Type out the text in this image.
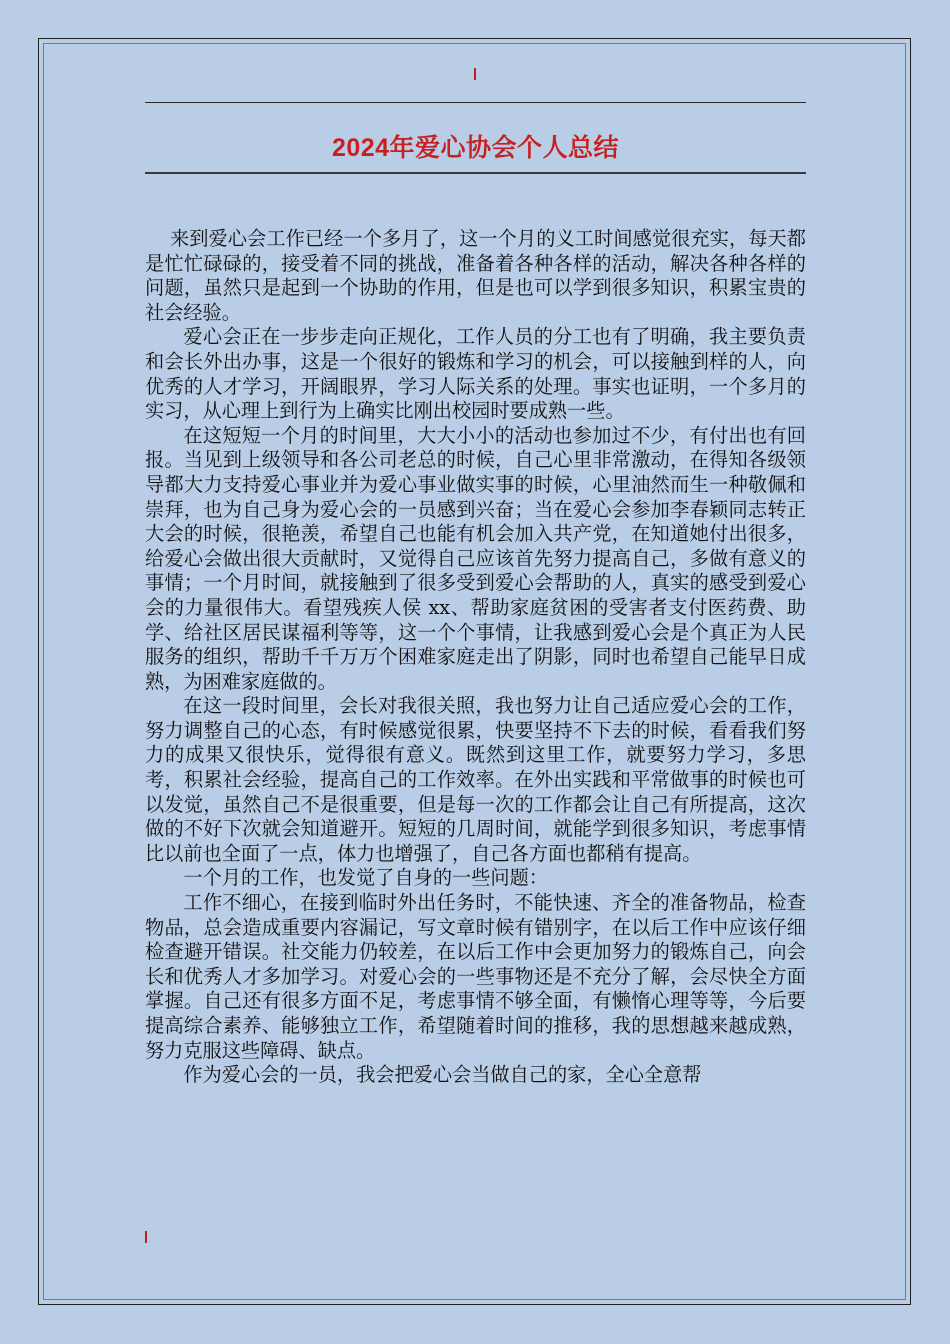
2024年爱心协会个人总结

来到爱心会工作已经一个多月了，这一个月的义工时间感觉很充实，每天都是忙忙碌碌的，接受着不同的挑战，准备着各种各样的活动，解决各种各样的问题，虽然只是起到一个协助的作用，但是也可以学到很多知识，积累宝贵的社会经验。

爱心会正在一步步走向正规化，工作人员的分工也有了明确，我主要负责和会长外出办事，这是一个很好的锻炼和学习的机会，可以接触到样的人，向优秀的人才学习，开阔眼界，学习人际关系的处理。事实也证明，一个多月的实习，从心理上到行为上确实比刚出校园时要成熟一些。

在这短短一个月的时间里，大大小小的活动也参加过不少，有付出也有回报。当见到上级领导和各公司老总的时候，自己心里非常激动，在得知各级领导都大力支持爱心事业并为爱心事业做实事的时候，心里油然而生一种敬佩和崇拜，也为自己身为爱心会的一员感到兴奋；当在爱心会参加李春颖同志转正大会的时候，很艳羡，希望自己也能有机会加入共产党，在知道她付出很多，给爱心会做出很大贡献时，又觉得自己应该首先努力提高自己，多做有意义的事情；一个月时间，就接触到了很多受到爱心会帮助的人，真实的感受到爱心会的力量很伟大。看望残疾人侯 xx、帮助家庭贫困的受害者支付医药费、助学、给社区居民谋福利等等，这一个个事情，让我感到爱心会是个真正为人民服务的组织，帮助千千万万个困难家庭走出了阴影，同时也希望自己能早日成熟，为困难家庭做的。

在这一段时间里，会长对我很关照，我也努力让自己适应爱心会的工作，努力调整自己的心态，有时候感觉很累，快要坚持不下去的时候，看看我们努力的成果又很快乐，觉得很有意义。既然到这里工作，就要努力学习，多思考，积累社会经验，提高自己的工作效率。在外出实践和平常做事的时候也可以发觉，虽然自己不是很重要，但是每一次的工作都会让自己有所提高，这次做的不好下次就会知道避开。短短的几周时间，就能学到很多知识，考虑事情比以前也全面了一点，体力也增强了，自己各方面也都稍有提高。

一个月的工作，也发觉了自身的一些问题：

工作不细心，在接到临时外出任务时，不能快速、齐全的准备物品，检查物品，总会造成重要内容漏记，写文章时候有错别字，在以后工作中应该仔细检查避开错误。社交能力仍较差，在以后工作中会更加努力的锻炼自己，向会长和优秀人才多加学习。对爱心会的一些事物还是不充分了解，会尽快全方面掌握。自己还有很多方面不足，考虑事情不够全面，有懒惰心理等等，今后要提高综合素养、能够独立工作，希望随着时间的推移，我的思想越来越成熟，努力克服这些障碍、缺点。

作为爱心会的一员，我会把爱心会当做自己的家，全心全意帮
